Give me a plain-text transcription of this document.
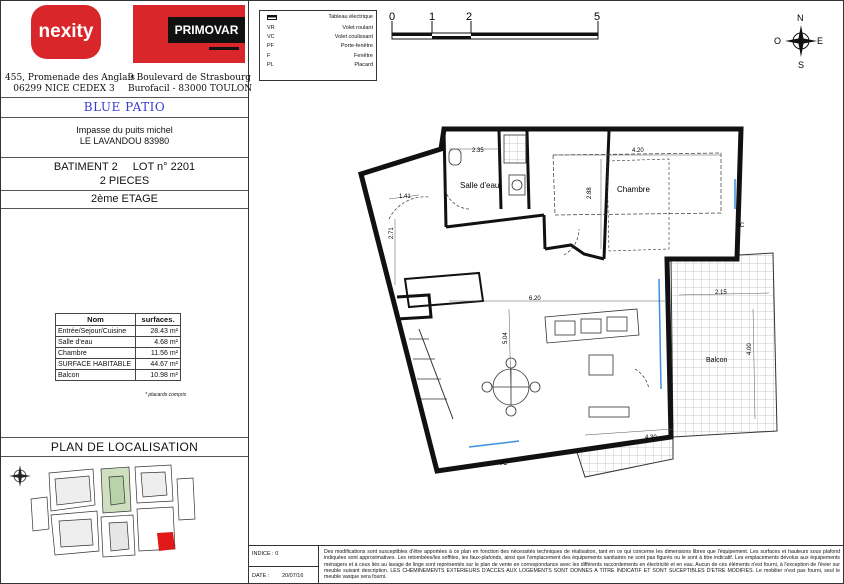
nexity	PRIMOVAR
455, Promenade des Anglais
06299 NICE CEDEX 3
9 Boulevard de Strasbourg
Burofacil - 83000 TOULON
BLUE PATIO
Impasse du puits michel
LE LAVANDOU 83980
BATIMENT 2 LOT n° 2201
2 PIECES
2ème ETAGE
Nom	surfaces.
Entrée/Sejour/Cuisine	28.43 m²
Salle d'eau	4.68 m²
Chambre	11.56 m²
SURFACE HABITABLE	44.67 m²
Balcon	10.98 m²
* placards compris
PLAN DE LOCALISATION
Tableau électrique
VR	Volet roulant
VC	Volet coulissant
PF	Porte-fenêtre
F	Fenêtre
PL	Placard
0	1	2	5	N
S
E
O
Salle d'eau	Chambre
Balcon
2.35	4.20
2.88
1.41
2.71
6.20
5.04
2.15
4.00
4.30
VC
VC
INDICE : 0
DATE : 20/07/16
Des modifications sont susceptibles d'être apportées à ce plan en fonction des nécessités techniques de réalisation, tant en ce qui concerne les dimensions libres que l'équipement. Les surfaces et hauteurs sous plafond indiquées sont approximatives. Les retombées/les soffites, les faux-plafonds, ainsi que l'emplacement des équipements sanitaires ne sont pas figurés ou le sont à titre indicatif. Les emplacements dévolus aux équipements ménagers et à ceux liés au lavage de linge sont représentés sur le plan de vente en correspondance avec les différents raccordements en électricité et en eau. Aucun de ces éléments n'est fourni, à l'exception de l'évier sur meuble suivant description. LES CHEMINEMENTS EXTERIEURS D'ACCES AUX LOGEMENTS SONT DONNES A TITRE INDICATIF ET SONT SUCEPTIBLES D'ETRE MODIFIES. Le mobilier n'est pas fourni, seul le meuble vasque sera fourni.
